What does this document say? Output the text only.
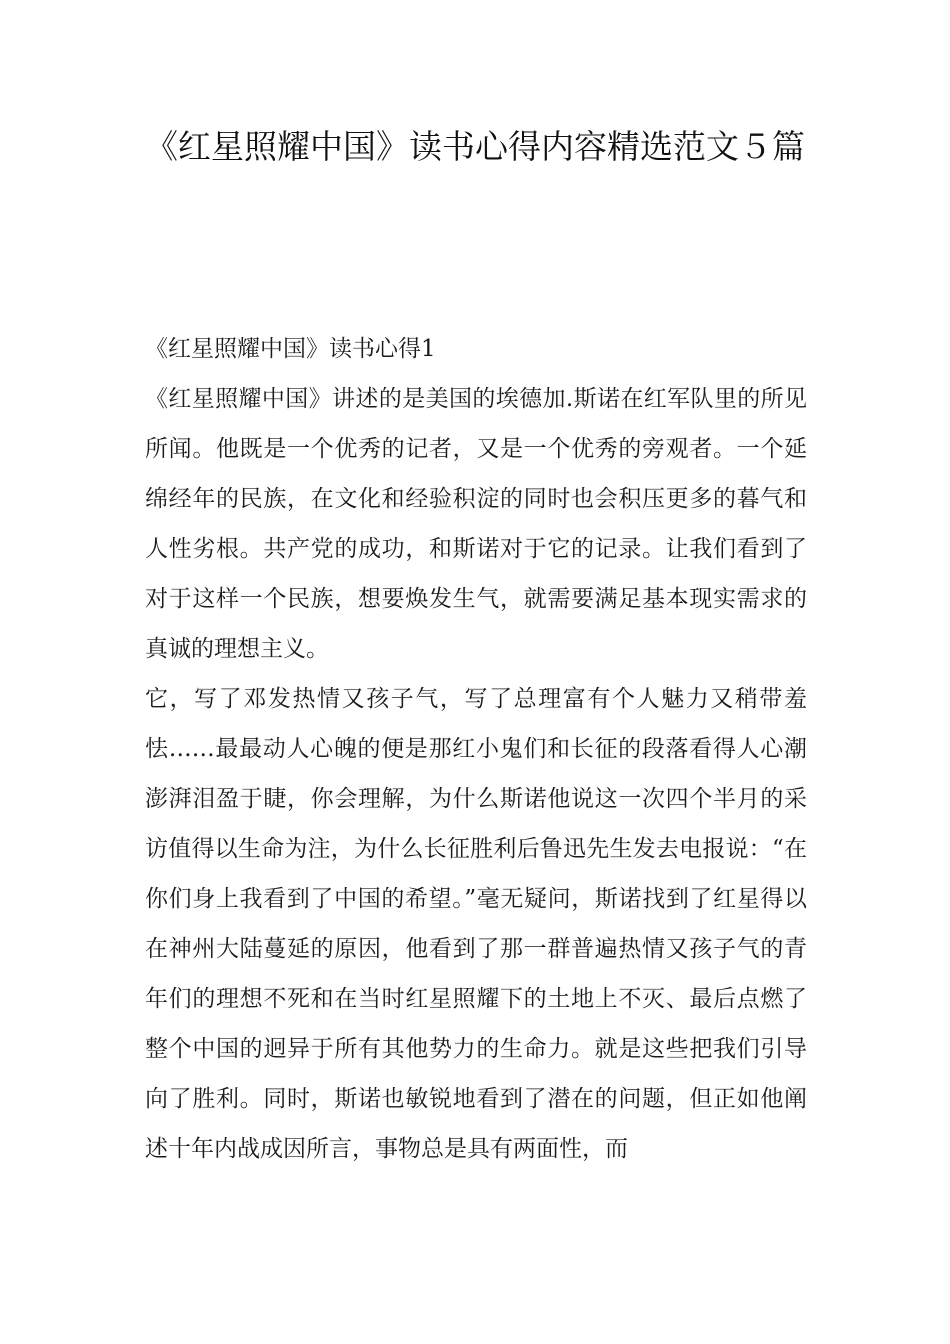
《红星照耀中国》读书心得内容精选范文５篇

《红星照耀中国》读书心得1

《红星照耀中国》讲述的是美国的埃德加.斯诺在红军队里的所见所闻。他既是一个优秀的记者，又是一个优秀的旁观者。一个延绵经年的民族，在文化和经验积淀的同时也会积压更多的暮气和人性劣根。共产党的成功，和斯诺对于它的记录。让我们看到了对于这样一个民族，想要焕发生气，就需要满足基本现实需求的真诚的理想主义。

它，写了邓发热情又孩子气，写了总理富有个人魅力又稍带羞怯……最最动人心魄的便是那红小鬼们和长征的段落看得人心潮澎湃泪盈于睫，你会理解，为什么斯诺他说这一次四个半月的采访值得以生命为注，为什么长征胜利后鲁迅先生发去电报说：“在你们身上我看到了中国的希望。”毫无疑问，斯诺找到了红星得以在神州大陆蔓延的原因，他看到了那一群普遍热情又孩子气的青年们的理想不死和在当时红星照耀下的土地上不灭、最后点燃了整个中国的迥异于所有其他势力的生命力。就是这些把我们引导向了胜利。同时，斯诺也敏锐地看到了潜在的问题，但正如他阐述十年内战成因所言，事物总是具有两面性，而
